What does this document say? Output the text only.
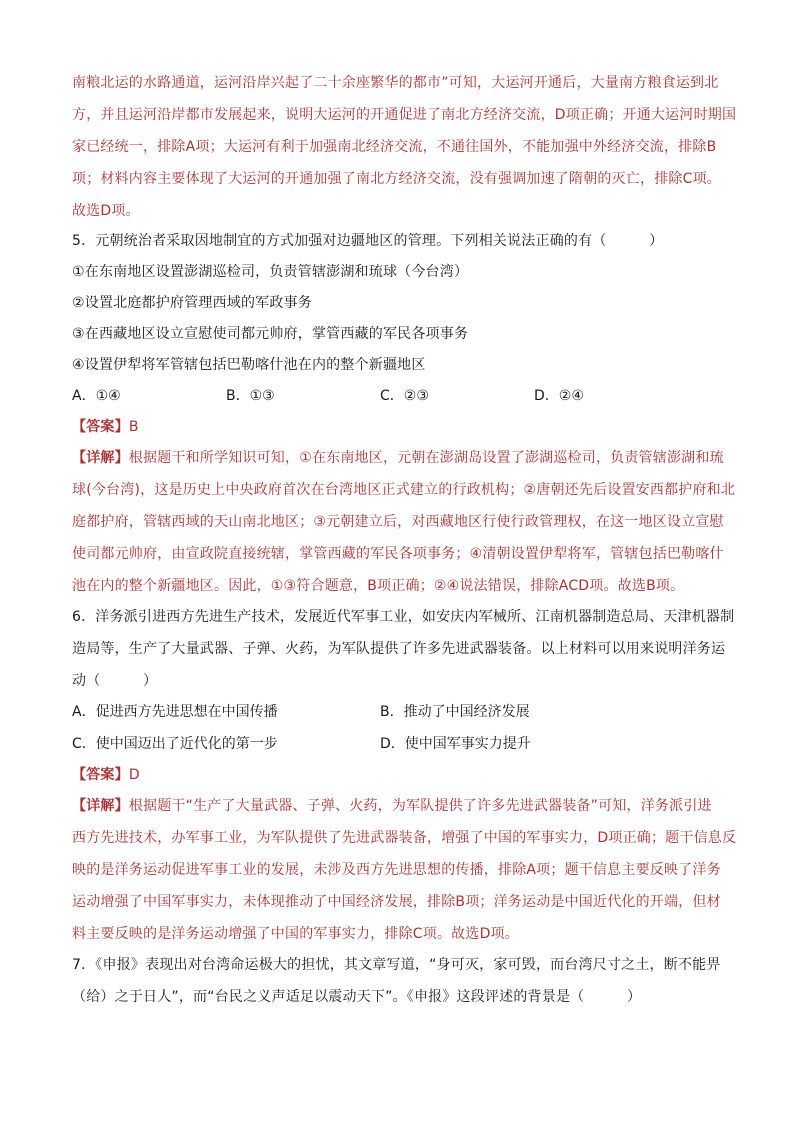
南粮北运的水路通道，运河沿岸兴起了二十余座繁华的都市”可知，大运河开通后，大量南方粮食运到北
方，并且运河沿岸都市发展起来，说明大运河的开通促进了南北方经济交流，D项正确；开通大运河时期国
家已经统一，排除A项；大运河有利于加强南北经济交流，不通往国外，不能加强中外经济交流，排除B
项；材料内容主要体现了大运河的开通加强了南北方经济交流，没有强调加速了隋朝的灭亡，排除C项。
故选D项。
5．元朝统治者采取因地制宜的方式加强对边疆地区的管理。下列相关说法正确的有（　　　）
①在东南地区设置澎湖巡检司，负责管辖澎湖和琉球（今台湾）
②设置北庭都护府管理西域的军政事务
③在西藏地区设立宣慰使司都元帅府，掌管西藏的军民各项事务
④设置伊犁将军管辖包括巴勒喀什池在内的整个新疆地区
A．①④	B．①③	C．②③	D．②④
【答案】B
【详解】根据题干和所学知识可知，①在东南地区，元朝在澎湖岛设置了澎湖巡检司，负责管辖澎湖和琉
球(今台湾)，这是历史上中央政府首次在台湾地区正式建立的行政机构；②唐朝还先后设置安西都护府和北
庭都护府，管辖西域的天山南北地区；③元朝建立后，对西藏地区行使行政管理权，在这一地区设立宣慰
使司都元帅府，由宣政院直接统辖，掌管西藏的军民各项事务；④清朝设置伊犁将军，管辖包括巴勒喀什
池在内的整个新疆地区。因此，①③符合题意，B项正确；②④说法错误，排除ACD项。故选B项。
6．洋务派引进西方先进生产技术，发展近代军事工业，如安庆内军械所、江南机器制造总局、天津机器制
造局等，生产了大量武器、子弹、火药，为军队提供了许多先进武器装备。以上材料可以用来说明洋务运
动（　　　）
A．促进西方先进思想在中国传播	B．推动了中国经济发展
C．使中国迈出了近代化的第一步	D．使中国军事实力提升
【答案】D
【详解】根据题干“生产了大量武器、子弹、火药，为军队提供了许多先进武器装备”可知，洋务派引进
西方先进技术，办军事工业，为军队提供了先进武器装备，增强了中国的军事实力，D项正确；题干信息反
映的是洋务运动促进军事工业的发展，未涉及西方先进思想的传播，排除A项；题干信息主要反映了洋务
运动增强了中国军事实力，未体现推动了中国经济发展，排除B项；洋务运动是中国近代化的开端，但材
料主要反映的是洋务运动增强了中国的军事实力，排除C项。故选D项。
7．《申报》表现出对台湾命运极大的担忧，其文章写道，“身可灭，家可毁，而台湾尺寸之土，断不能畀
（给）之于日人”，而“台民之义声适足以震动天下”。《申报》这段评述的背景是（　　　）
